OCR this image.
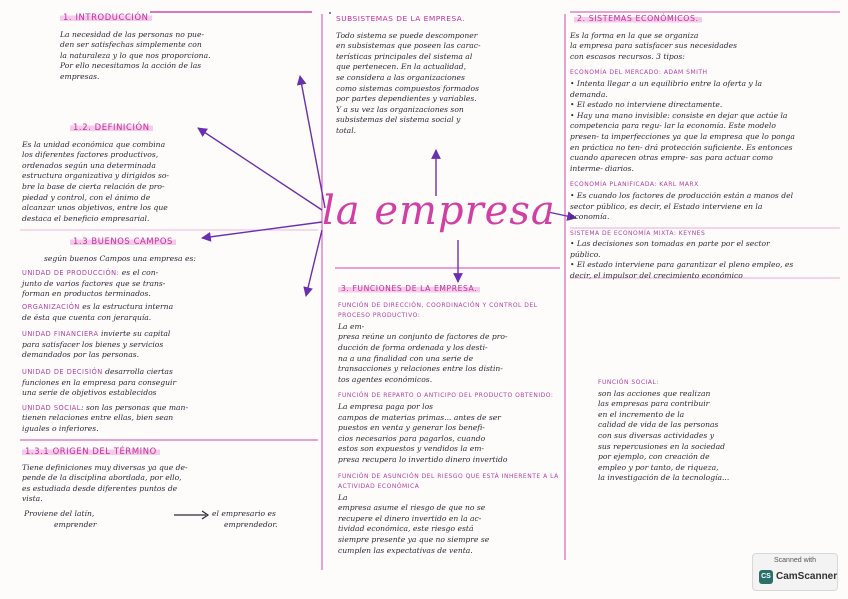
1. INTRODUCCIÓN
La necesidad de las personas no pue-
den ser satisfechas simplemente con
la naturaleza y lo que nos proporciona.
Por ello necesitamos la acción de las
empresas.
1.2. DEFINICIÓN
Es la unidad económica que combina
los diferentes factores productivos,
ordenados según una determinada
estructura organizativa y dirigidos so-
bre la base de cierta relación de pro-
piedad y control, con el ánimo de
alcanzar unos objetivos, entre los que
destaca el beneficio empresarial.
1.3 BUENOS CAMPOS
según buenos Campos una empresa es:
UNIDAD DE PRODUCCIÓN: es el con-
junto de varios factores que se trans-
forman en productos terminados.
ORGANIZACIÓN es la estructura interna
de ésta que cuenta con jerarquía.
UNIDAD FINANCIERA invierte su capital
para satisfacer los bienes y servicios
demandados por las personas.
UNIDAD DE DECISIÓN desarrolla ciertas
funciones en la empresa para conseguir
una serie de objetivos establecidos
UNIDAD SOCIAL: son las personas que man-
tienen relaciones entre ellas, bien sean
iguales o inferiores.
1.3.1 ORIGEN DEL TÉRMINO
Tiene definiciones muy diversas ya que de-
pende de la disciplina abordada, por ello,
es estudiada desde diferentes puntos de
vista.
Proviene del latín,
emprender
el empresario es
emprendedor.
SUBSISTEMAS DE LA EMPRESA.
Todo sistema se puede descomponer
en subsistemas que poseen las carac-
terísticas principales del sistema al
que pertenecen. En la actualidad,
se considera a las organizaciones
como sistemas compuestos formados
por partes dependientes y variables.
Y a su vez las organizaciones son
subsistemas del sistema social y
total.
la empresa
3. FUNCIONES DE LA EMPRESA.
FUNCIÓN DE DIRECCIÓN, COORDINACIÓN Y CONTROL DEL PROCESO PRODUCTIVO:
La em-
presa reúne un conjunto de factores de pro-
ducción de forma ordenada y los desti-
na a una finalidad con una serie de
transacciones y relaciones entre los distin-
tos agentes económicos.
FUNCIÓN DE REPARTO O ANTICIPO DEL PRODUCTO OBTENIDO:
La empresa paga por los
campos de materias primas... antes de ser
puestos en venta y generar los benefi-
cios necesarios para pagarlos, cuando
estos son expuestos y vendidos la em-
presa recupera lo invertido dinero invertido
FUNCIÓN DE ASUNCIÓN DEL RIESGO QUE ESTÁ INHERENTE A LA ACTIVIDAD ECONÓMICA
La
empresa asume el riesgo de que no se
recupere el dinero invertido en la ac-
tividad económica, este riesgo está
siempre presente ya que no siempre se
cumplen las expectativas de venta.
2. SISTEMAS ECONÓMICOS.
Es la forma en la que se organiza
la empresa para satisfacer sus necesidades
con escasos recursos. 3 tipos:
ECONOMÍA DEL MERCADO: ADAM SMITH
• Intenta llegar a un equilibrio entre la oferta y la demanda.
• El estado no interviene directamente.
• Hay una mano invisible: consiste en dejar que actúe la competencia para regu- lar la economía. Este modelo presen- ta imperfecciones ya que la empresa que lo ponga en práctica no ten- drá protección suficiente. Es entonces cuando aparecen otras empre- sas para actuar como interme- diarios.
ECONOMÍA PLANIFICADA: KARL MARX
• Es cuando los factores de producción están a manos del sector público, es decir, el Estado interviene en la economía.
SISTEMA DE ECONOMÍA MIXTA: KEYNES
• Las decisiones son tomadas en parte por el sector público.
• El estado interviene para garantizar el pleno empleo, es decir, el impulsor del crecimiento económico
FUNCIÓN SOCIAL:
son las acciones que realizan
las empresas para contribuir
en el incremento de la
calidad de vida de las personas
con sus diversas actividades y
sus repercusiones en la sociedad
por ejemplo, con creación de
empleo y por tanto, de riqueza,
la investigación de la tecnología...
Scanned with
CS CamScanner
